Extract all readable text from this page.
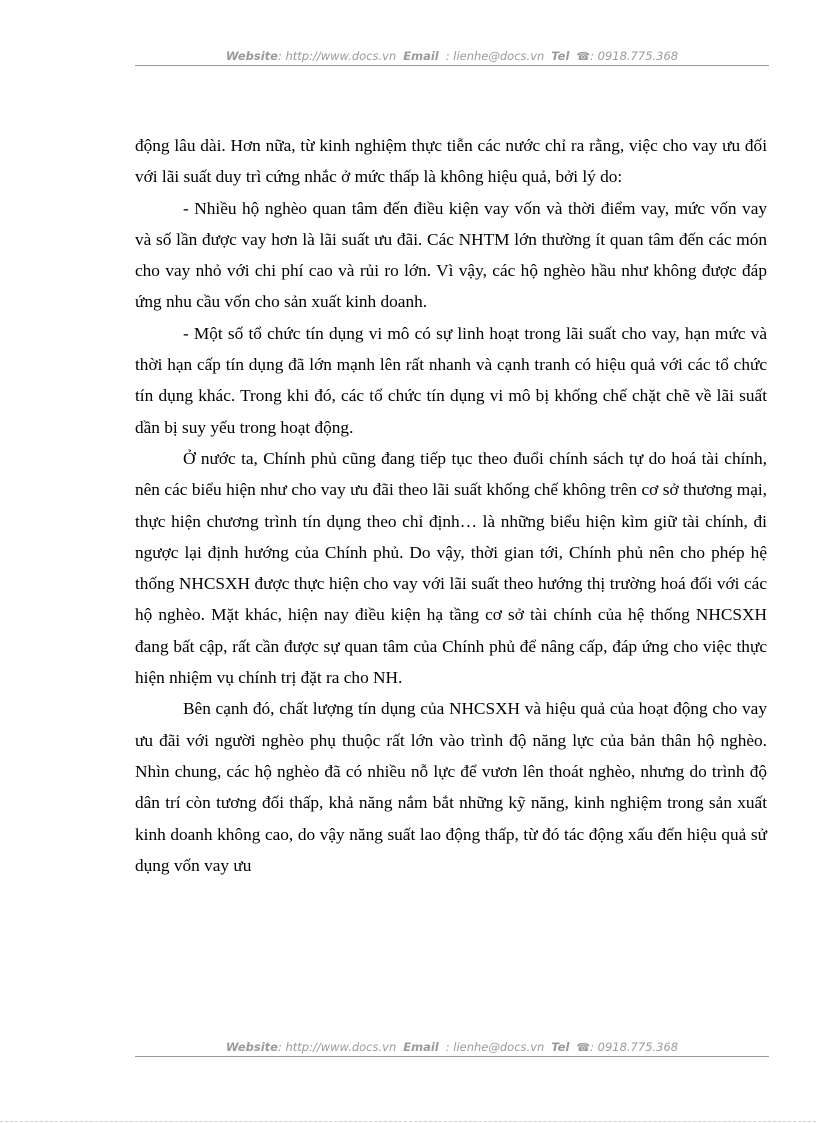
Website: http://www.docs.vn Email : lienhe@docs.vn Tel ☎: 0918.775.368

động lâu dài. Hơn nữa, từ kinh nghiệm thực tiễn các nước chỉ ra rằng, việc cho vay ưu đối với lãi suất duy trì cứng nhắc ở mức thấp là không hiệu quả, bởi lý do:

- Nhiều hộ nghèo quan tâm đến điều kiện vay vốn và thời điểm vay, mức vốn vay và số lần được vay hơn là lãi suất ưu đãi. Các NHTM lớn thường ít quan tâm đến các món cho vay nhỏ với chi phí cao và rủi ro lớn. Vì vậy, các hộ nghèo hầu như không được đáp ứng nhu cầu vốn cho sản xuất kinh doanh.

- Một số tổ chức tín dụng vi mô có sự linh hoạt trong lãi suất cho vay, hạn mức và thời hạn cấp tín dụng đã lớn mạnh lên rất nhanh và cạnh tranh có hiệu quả với các tổ chức tín dụng khác. Trong khi đó, các tổ chức tín dụng vi mô bị khống chế chặt chẽ về lãi suất dần bị suy yếu trong hoạt động.

Ở nước ta, Chính phủ cũng đang tiếp tục theo đuổi chính sách tự do hoá tài chính, nên các biểu hiện như cho vay ưu đãi theo lãi suất khống chế không trên cơ sở thương mại, thực hiện chương trình tín dụng theo chỉ định… là những biểu hiện kìm giữ tài chính, đi ngược lại định hướng của Chính phủ. Do vậy, thời gian tới, Chính phủ nên cho phép hệ thống NHCSXH được thực hiện cho vay với lãi suất theo hướng thị trường hoá đối với các hộ nghèo. Mặt khác, hiện nay điều kiện hạ tầng cơ sở tài chính của hệ thống NHCSXH đang bất cập, rất cần được sự quan tâm của Chính phủ để nâng cấp, đáp ứng cho việc thực hiện nhiệm vụ chính trị đặt ra cho NH.

Bên cạnh đó, chất lượng tín dụng của NHCSXH và hiệu quả của hoạt động cho vay ưu đãi với người nghèo phụ thuộc rất lớn vào trình độ năng lực của bản thân hộ nghèo. Nhìn chung, các hộ nghèo đã có nhiều nỗ lực để vươn lên thoát nghèo, nhưng do trình độ dân trí còn tương đối thấp, khả năng nắm bắt những kỹ năng, kinh nghiệm trong sản xuất kinh doanh không cao, do vậy năng suất lao động thấp, từ đó tác động xấu đến hiệu quả sử dụng vốn vay ưu

Website: http://www.docs.vn Email : lienhe@docs.vn Tel ☎: 0918.775.368
